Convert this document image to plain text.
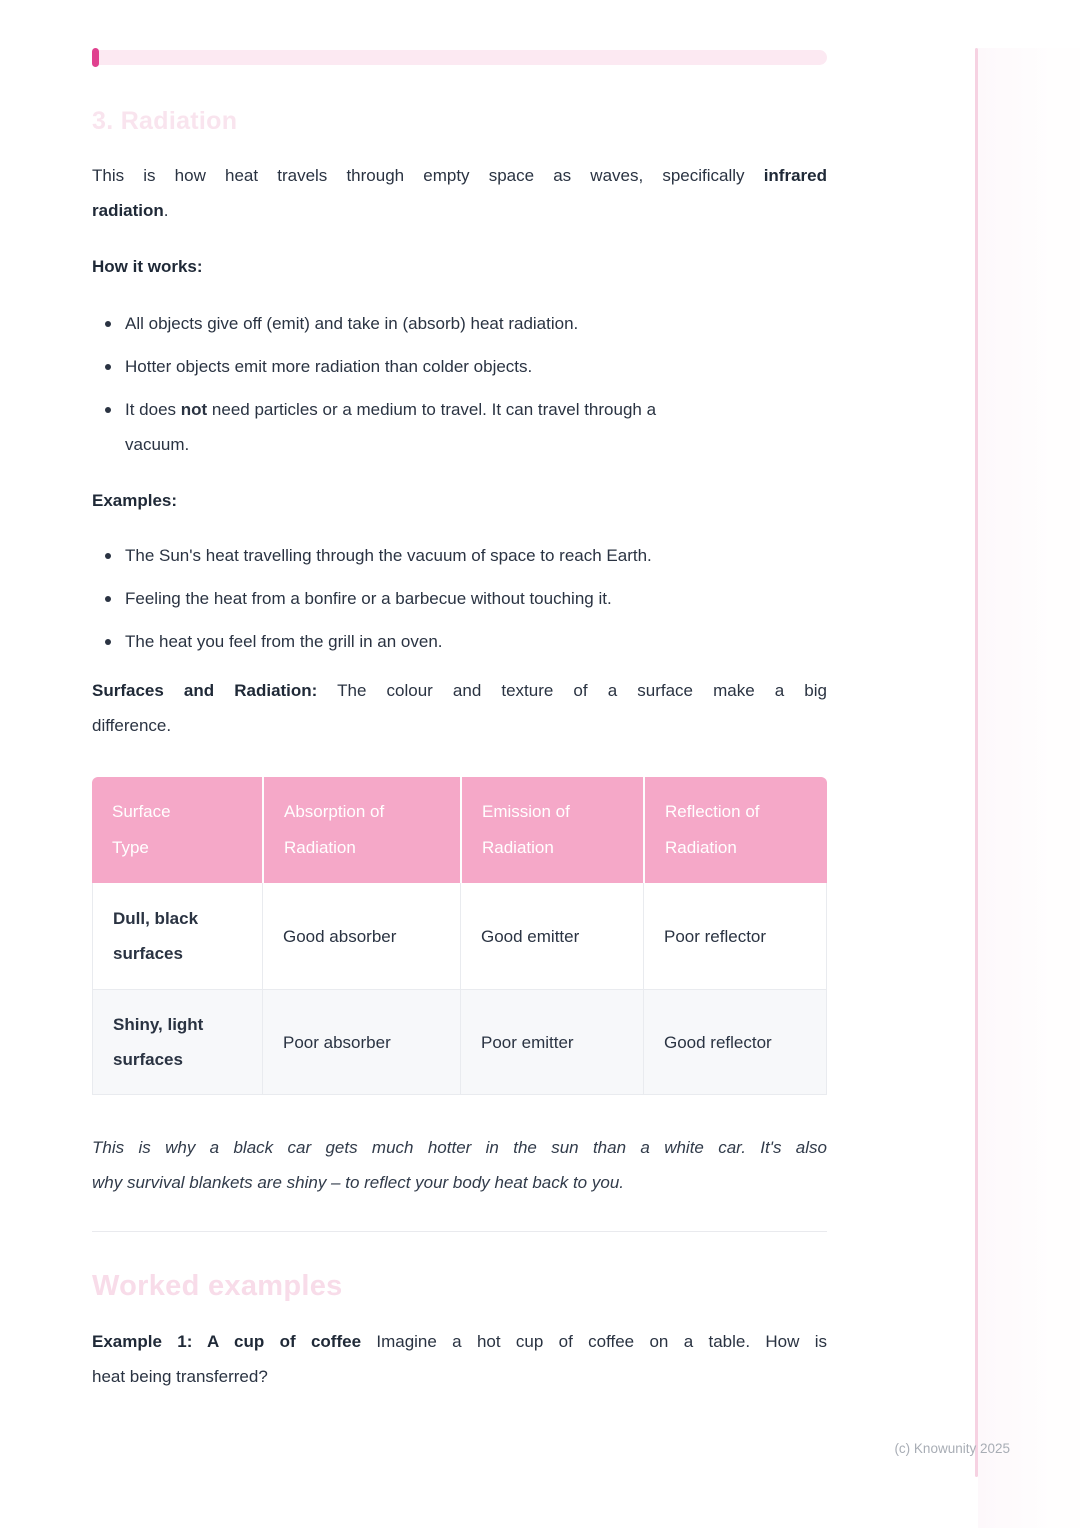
3. Radiation
This is how heat travels through empty space as waves, specifically infrared
radiation.
How it works:
All objects give off (emit) and take in (absorb) heat radiation.
Hotter objects emit more radiation than colder objects.
It does not need particles or a medium to travel. It can travel through a
vacuum.
Examples:
The Sun's heat travelling through the vacuum of space to reach Earth.
Feeling the heat from a bonfire or a barbecue without touching it.
The heat you feel from the grill in an oven.
Surfaces and Radiation: The colour and texture of a surface make a big
difference.
Surface Type	Absorption of Radiation	Emission of Radiation	Reflection of Radiation
Dull, black surfaces	Good absorber	Good emitter	Poor reflector
Shiny, light surfaces	Poor absorber	Poor emitter	Good reflector
This is why a black car gets much hotter in the sun than a white car. It's also
why survival blankets are shiny – to reflect your body heat back to you.
Worked examples
Example 1: A cup of coffee Imagine a hot cup of coffee on a table. How is
heat being transferred?
(c) Knowunity 2025
